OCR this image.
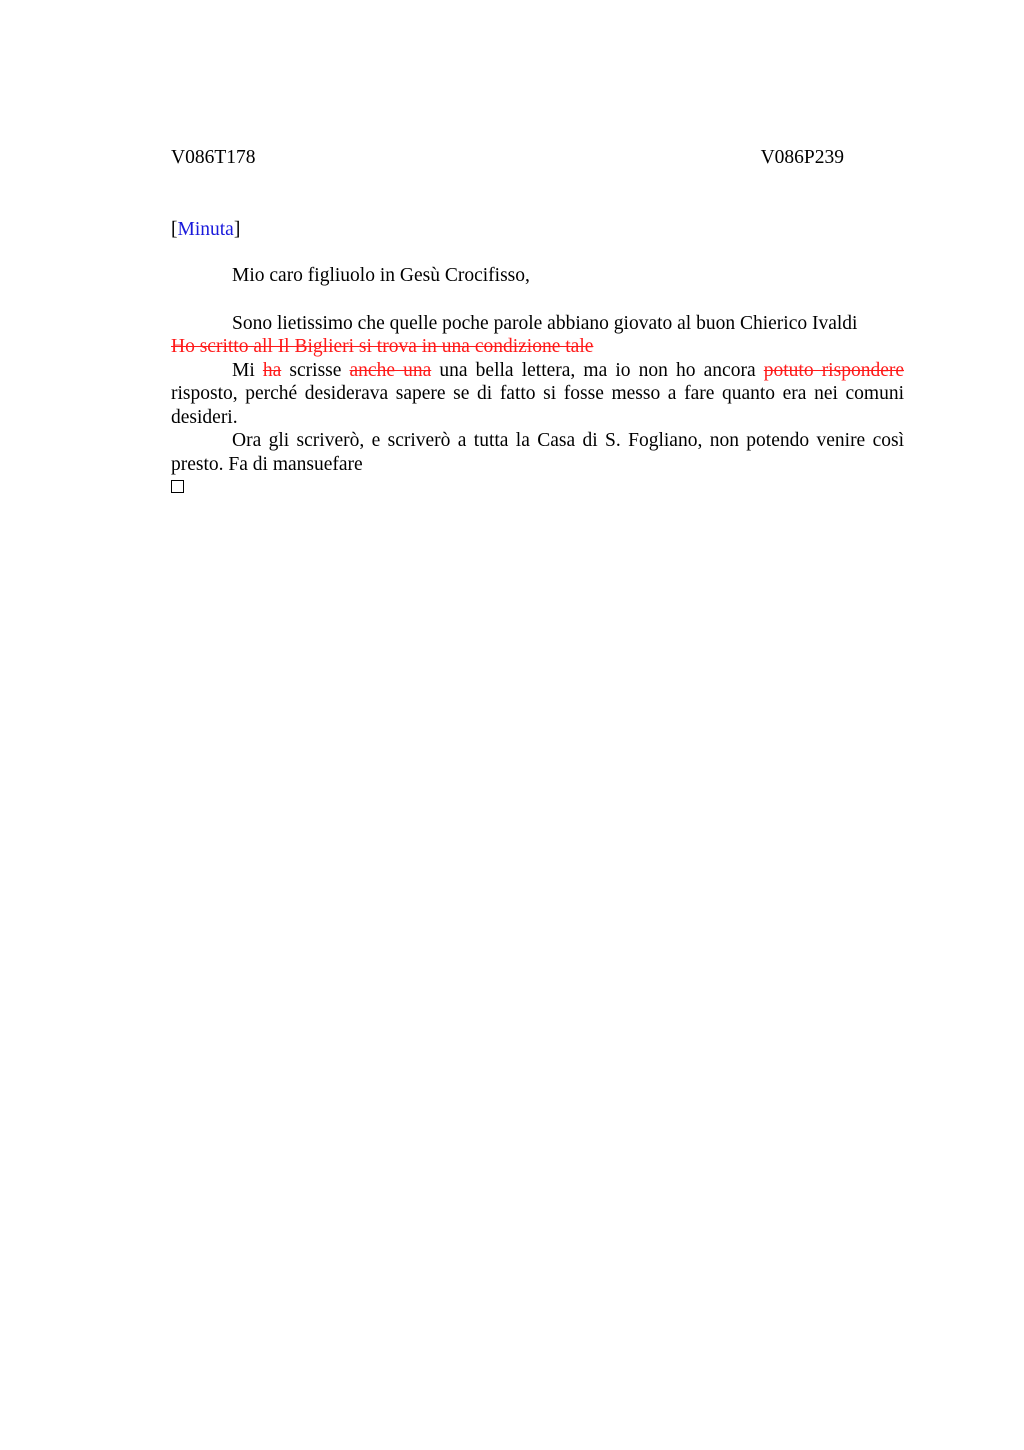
V086T178	V086P239
[Minuta]

Mio caro figliuolo in Gesù Crocifisso,

Sono lietissimo che quelle poche parole abbiano giovato al buon Chierico Ivaldi

Ho scritto all Il Biglieri si trova in una condizione tale

Mi ha scrisse anche una una bella lettera, ma io non ho ancora potuto rispondere risposto, perché desiderava sapere se di fatto si fosse messo a fare quanto era nei comuni desideri.

Ora gli scriverò, e scriverò a tutta la Casa di S. Fogliano, non potendo venire così presto. Fa di mansuefare
